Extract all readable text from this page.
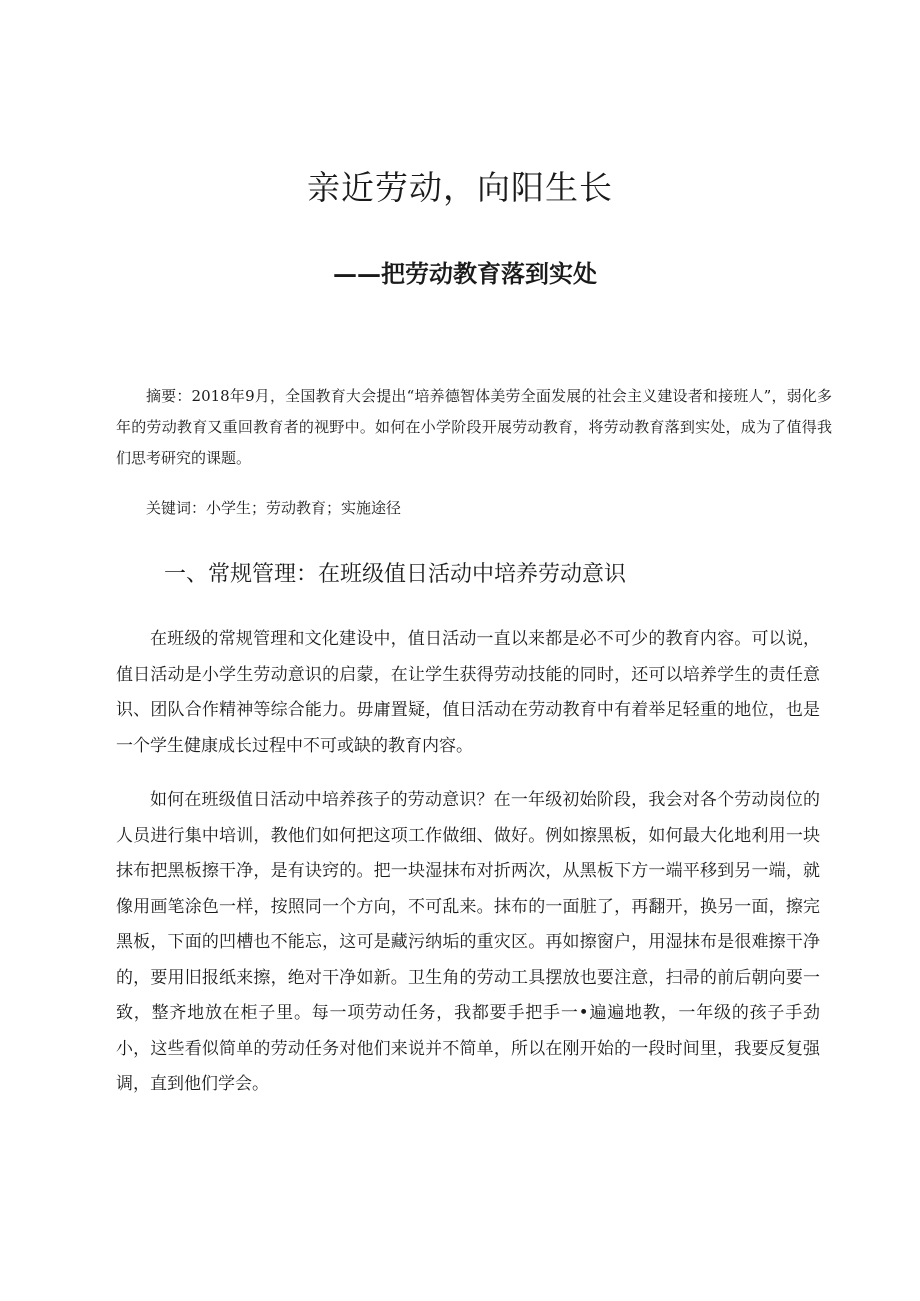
亲近劳动，向阳生长
——把劳动教育落到实处

摘要：2018年9月，全国教育大会提出“培养德智体美劳全面发展的社会主义建设者和接班人”，弱化多年的劳动教育又重回教育者的视野中。如何在小学阶段开展劳动教育，将劳动教育落到实处，成为了值得我们思考研究的课题。

关键词：小学生；劳动教育；实施途径

一、常规管理：在班级值日活动中培养劳动意识

在班级的常规管理和文化建设中，值日活动一直以来都是必不可少的教育内容。可以说，值日活动是小学生劳动意识的启蒙，在让学生获得劳动技能的同时，还可以培养学生的责任意识、团队合作精神等综合能力。毋庸置疑，值日活动在劳动教育中有着举足轻重的地位，也是一个学生健康成长过程中不可或缺的教育内容。

如何在班级值日活动中培养孩子的劳动意识？在一年级初始阶段，我会对各个劳动岗位的人员进行集中培训，教他们如何把这项工作做细、做好。例如擦黑板，如何最大化地利用一块抹布把黑板擦干净，是有诀窍的。把一块湿抹布对折两次，从黑板下方一端平移到另一端，就像用画笔涂色一样，按照同一个方向，不可乱来。抹布的一面脏了，再翻开，换另一面，擦完黑板，下面的凹槽也不能忘，这可是藏污纳垢的重灾区。再如擦窗户，用湿抹布是很难擦干净的，要用旧报纸来擦，绝对干净如新。卫生角的劳动工具摆放也要注意，扫帚的前后朝向要一致，整齐地放在柜子里。每一项劳动任务，我都要手把手一•遍遍地教，一年级的孩子手劲小，这些看似简单的劳动任务对他们来说并不简单，所以在刚开始的一段时间里，我要反复强调，直到他们学会。
